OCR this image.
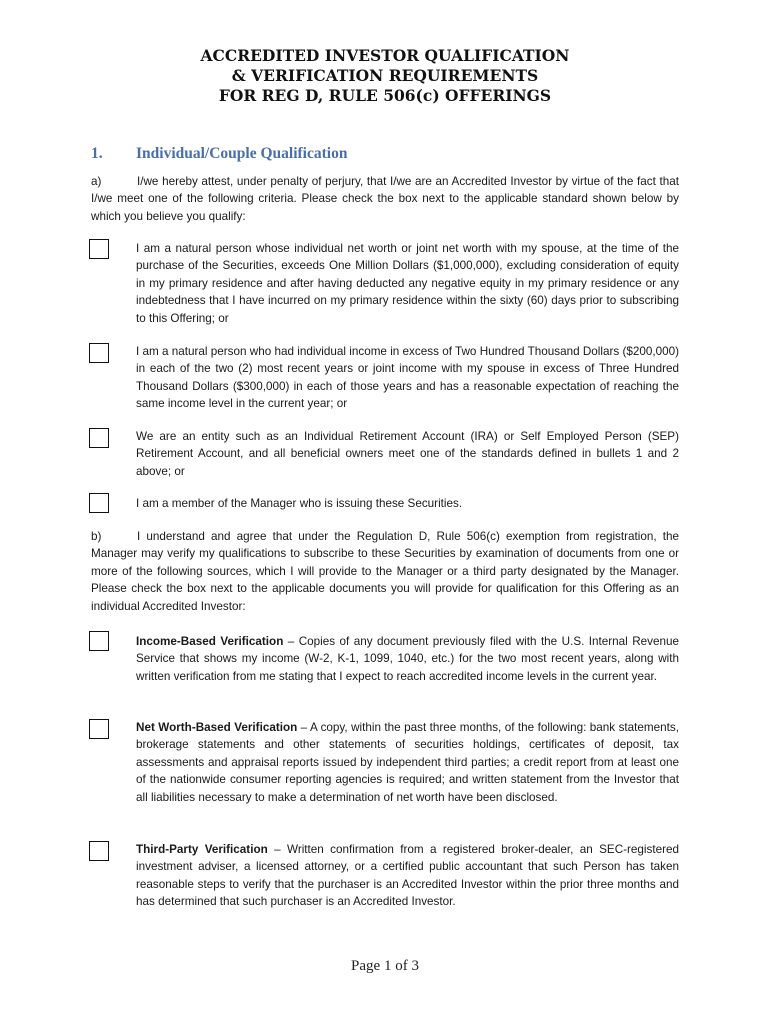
ACCREDITED INVESTOR QUALIFICATION
& VERIFICATION REQUIREMENTS
FOR REG D, RULE 506(c) OFFERINGS
1. Individual/Couple Qualification
a)	I/we hereby attest, under penalty of perjury, that I/we are an Accredited Investor by virtue of the fact that I/we meet one of the following criteria. Please check the box next to the applicable standard shown below by which you believe you qualify:
I am a natural person whose individual net worth or joint net worth with my spouse, at the time of the purchase of the Securities, exceeds One Million Dollars ($1,000,000), excluding consideration of equity in my primary residence and after having deducted any negative equity in my primary residence or any indebtedness that I have incurred on my primary residence within the sixty (60) days prior to subscribing to this Offering; or
I am a natural person who had individual income in excess of Two Hundred Thousand Dollars ($200,000) in each of the two (2) most recent years or joint income with my spouse in excess of Three Hundred Thousand Dollars ($300,000) in each of those years and has a reasonable expectation of reaching the same income level in the current year; or
We are an entity such as an Individual Retirement Account (IRA) or Self Employed Person (SEP) Retirement Account, and all beneficial owners meet one of the standards defined in bullets 1 and 2 above; or
I am a member of the Manager who is issuing these Securities.
b)	I understand and agree that under the Regulation D, Rule 506(c) exemption from registration, the Manager may verify my qualifications to subscribe to these Securities by examination of documents from one or more of the following sources, which I will provide to the Manager or a third party designated by the Manager. Please check the box next to the applicable documents you will provide for qualification for this Offering as an individual Accredited Investor:
Income-Based Verification – Copies of any document previously filed with the U.S. Internal Revenue Service that shows my income (W-2, K-1, 1099, 1040, etc.) for the two most recent years, along with written verification from me stating that I expect to reach accredited income levels in the current year.
Net Worth-Based Verification – A copy, within the past three months, of the following: bank statements, brokerage statements and other statements of securities holdings, certificates of deposit, tax assessments and appraisal reports issued by independent third parties; a credit report from at least one of the nationwide consumer reporting agencies is required; and written statement from the Investor that all liabilities necessary to make a determination of net worth have been disclosed.
Third-Party Verification – Written confirmation from a registered broker-dealer, an SEC-registered investment adviser, a licensed attorney, or a certified public accountant that such Person has taken reasonable steps to verify that the purchaser is an Accredited Investor within the prior three months and has determined that such purchaser is an Accredited Investor.
Page 1 of 3
